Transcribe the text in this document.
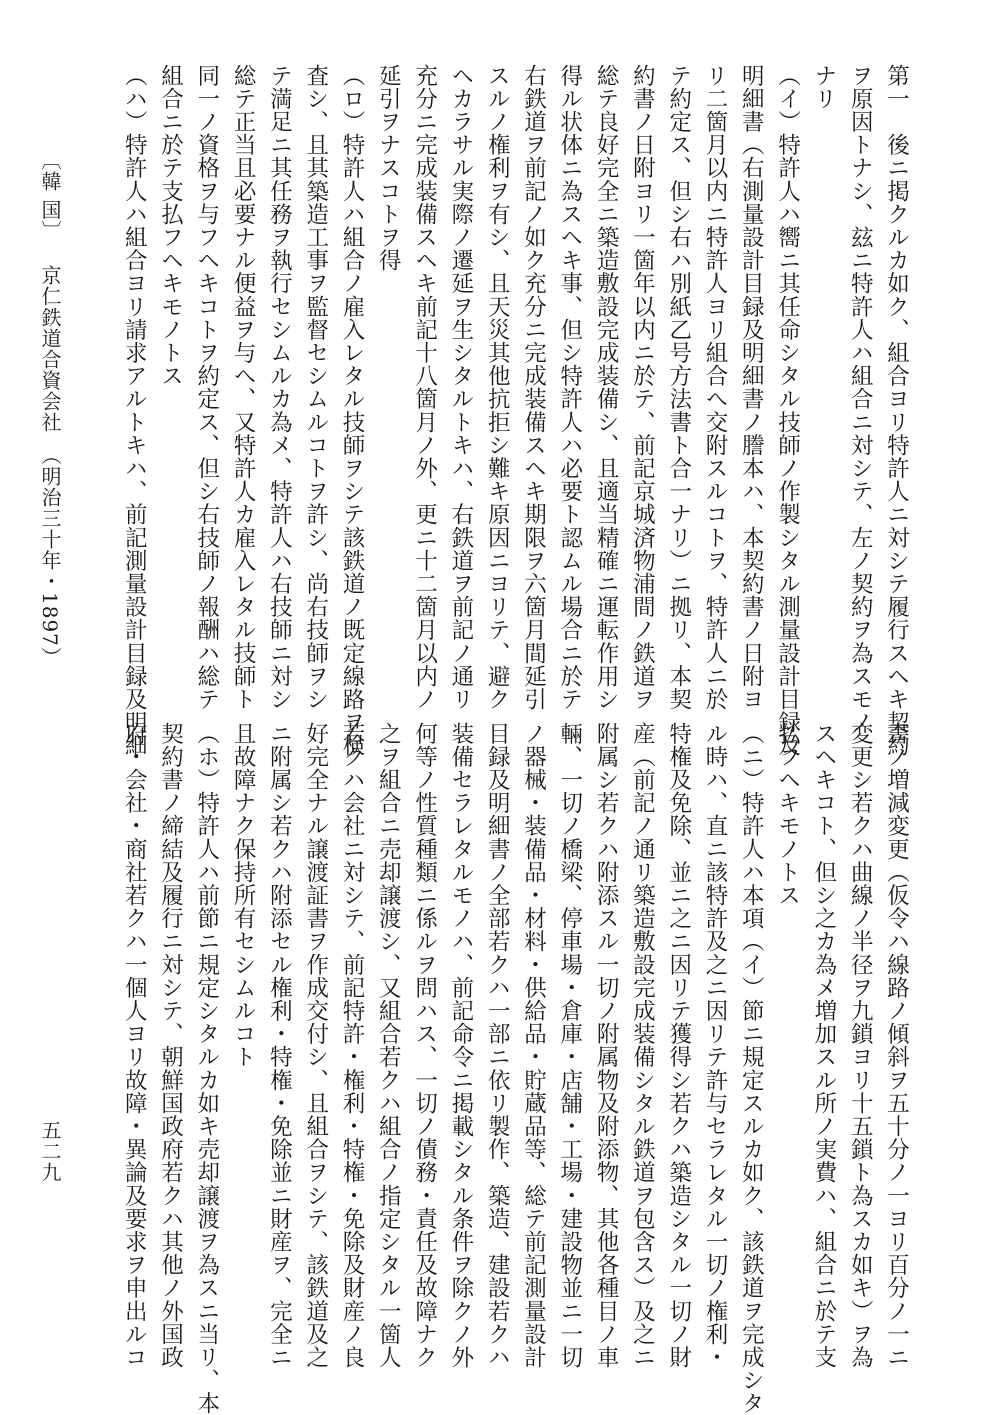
第一　後ニ掲クルカ如ク、組合ヨリ特許人ニ対シテ履行スヘキ契約
ヲ原因トナシ、玆ニ特許人ハ組合ニ対シテ、左ノ契約ヲ為スモノ
ナリ
（イ）特許人ハ嚮ニ其任命シタル技師ノ作製シタル測量設計目録及
明細書（右測量設計目録及明細書ノ謄本ハ、本契約書ノ日附ヨ
リ二箇月以内ニ特許人ヨリ組合へ交附スルコトヲ、特許人ニ於
テ約定ス、但シ右ハ別紙乙号方法書ト合一ナリ）ニ拠リ、本契
約書ノ日附ヨリ一箇年以内ニ於テ、前記京城済物浦間ノ鉄道ヲ
総テ良好完全ニ築造敷設完成装備シ、且適当精確ニ運転作用シ
得ル状体ニ為スヘキ事、但シ特許人ハ必要ト認ムル場合ニ於テ
右鉄道ヲ前記ノ如ク充分ニ完成装備スヘキ期限ヲ六箇月間延引
スルノ権利ヲ有シ、且天災其他抗拒シ難キ原因ニヨリテ、避ク
ヘカラサル実際ノ遷延ヲ生シタルトキハ、右鉄道ヲ前記ノ通リ
充分ニ完成装備スヘキ前記十八箇月ノ外、更ニ十二箇月以内ノ
延引ヲナスコトヲ得
（ロ）特許人ハ組合ノ雇入レタル技師ヲシテ該鉄道ノ既定線路ヲ検
査シ、且其築造工事ヲ監督セシムルコトヲ許シ、尚右技師ヲシ
テ満足ニ其任務ヲ執行セシムルカ為メ、特許人ハ右技師ニ対シ
総テ正当且必要ナル便益ヲ与へ、又特許人カ雇入レタル技師ト
同一ノ資格ヲ与フヘキコトヲ約定ス、但シ右技師ノ報酬ハ総テ
組合ニ於テ支払フヘキモノトス
（ハ）特許人ハ組合ヨリ請求アルトキハ、前記測量設計目録及明細
書ノ増減変更（仮令ハ線路ノ傾斜ヲ五十分ノ一ヨリ百分ノ一ニ
変更シ若クハ曲線ノ半径ヲ九鎖ヨリ十五鎖ト為スカ如キ）ヲ為
スヘキコト、但シ之カ為メ増加スル所ノ実費ハ、組合ニ於テ支
払フヘキモノトス
（ニ）特許人ハ本項（イ）節ニ規定スルカ如ク、該鉄道ヲ完成シタ
ル時ハ、直ニ該特許及之ニ因リテ許与セラレタル一切ノ権利・
特権及免除、並ニ之ニ因リテ獲得シ若クハ築造シタル一切ノ財
産（前記ノ通リ築造敷設完成装備シタル鉄道ヲ包含ス）及之ニ
附属シ若クハ附添スル一切ノ附属物及附添物、其他各種目ノ車
輛、一切ノ橋梁、停車場・倉庫・店舗・工場・建設物並ニ一切
ノ器械・装備品・材料・供給品・貯蔵品等、総テ前記測量設計
目録及明細書ノ全部若クハ一部ニ依リ製作、築造、建設若クハ
装備セラレタルモノハ、前記命令ニ掲載シタル条件ヲ除クノ外
何等ノ性質種類ニ係ルヲ問ハス、一切ノ債務・責任及故障ナク
之ヲ組合ニ売却譲渡シ、又組合若クハ組合ノ指定シタル一箇人
若クハ会社ニ対シテ、前記特許・権利・特権・免除及財産ノ良
好完全ナル譲渡証書ヲ作成交付シ、且組合ヲシテ、該鉄道及之
ニ附属シ若クハ附添セル権利・特権・免除並ニ財産ヲ、完全ニ
且故障ナク保持所有セシムルコト
（ホ）特許人ハ前節ニ規定シタルカ如キ売却譲渡ヲ為スニ当リ、本
契約書ノ締結及履行ニ対シテ、朝鮮国政府若クハ其他ノ外国政
府・会社・商社若クハ一個人ヨリ故障・異論及要求ヲ申出ルコ
〔韓 国〕
京仁鉄道合資会社
（明治三十年・1897）
五二九
